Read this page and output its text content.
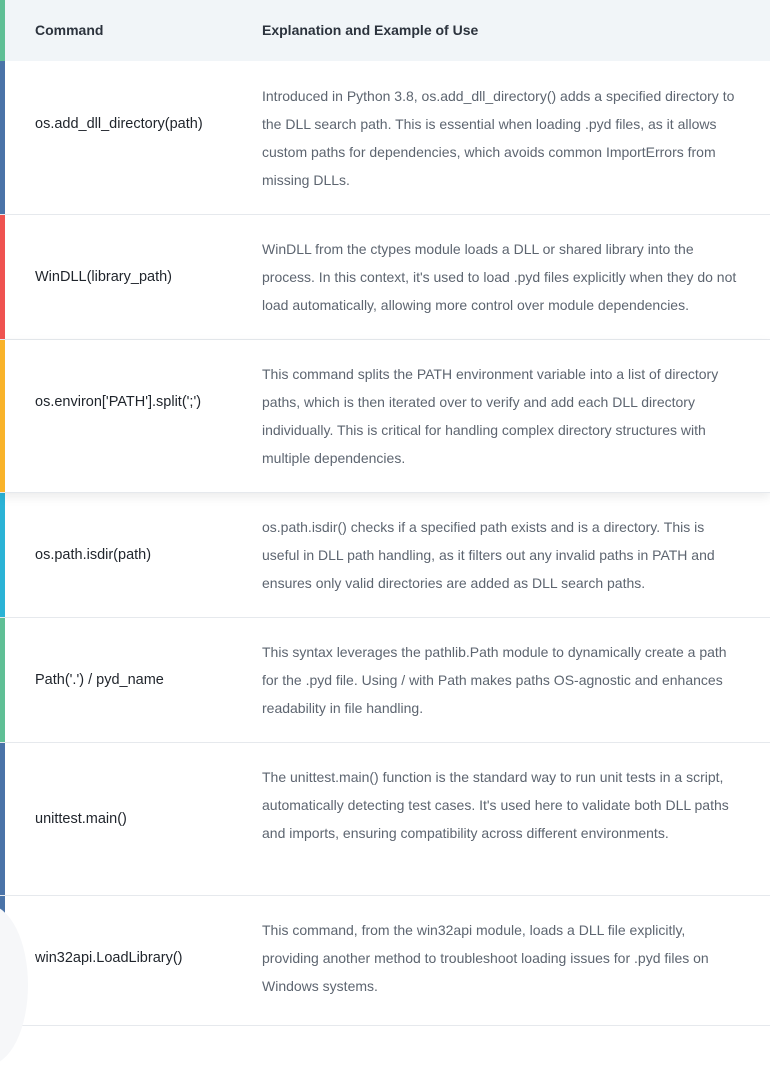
Command	Explanation and Example of Use
os.add_dll_directory(path)
Introduced in Python 3.8, os.add_dll_directory() adds a specified directory to the DLL search path. This is essential when loading .pyd files, as it allows custom paths for dependencies, which avoids common ImportErrors from missing DLLs.
WinDLL(library_path)
WinDLL from the ctypes module loads a DLL or shared library into the process. In this context, it's used to load .pyd files explicitly when they do not load automatically, allowing more control over module dependencies.
os.environ['PATH'].split(';')
This command splits the PATH environment variable into a list of directory paths, which is then iterated over to verify and add each DLL directory individually. This is critical for handling complex directory structures with multiple dependencies.
os.path.isdir(path)
os.path.isdir() checks if a specified path exists and is a directory. This is useful in DLL path handling, as it filters out any invalid paths in PATH and ensures only valid directories are added as DLL search paths.
Path('.') / pyd_name
This syntax leverages the pathlib.Path module to dynamically create a path for the .pyd file. Using / with Path makes paths OS-agnostic and enhances readability in file handling.
unittest.main()
The unittest.main() function is the standard way to run unit tests in a script, automatically detecting test cases. It's used here to validate both DLL paths and imports, ensuring compatibility across different environments.
win32api.LoadLibrary()
This command, from the win32api module, loads a DLL file explicitly, providing another method to troubleshoot loading issues for .pyd files on Windows systems.
